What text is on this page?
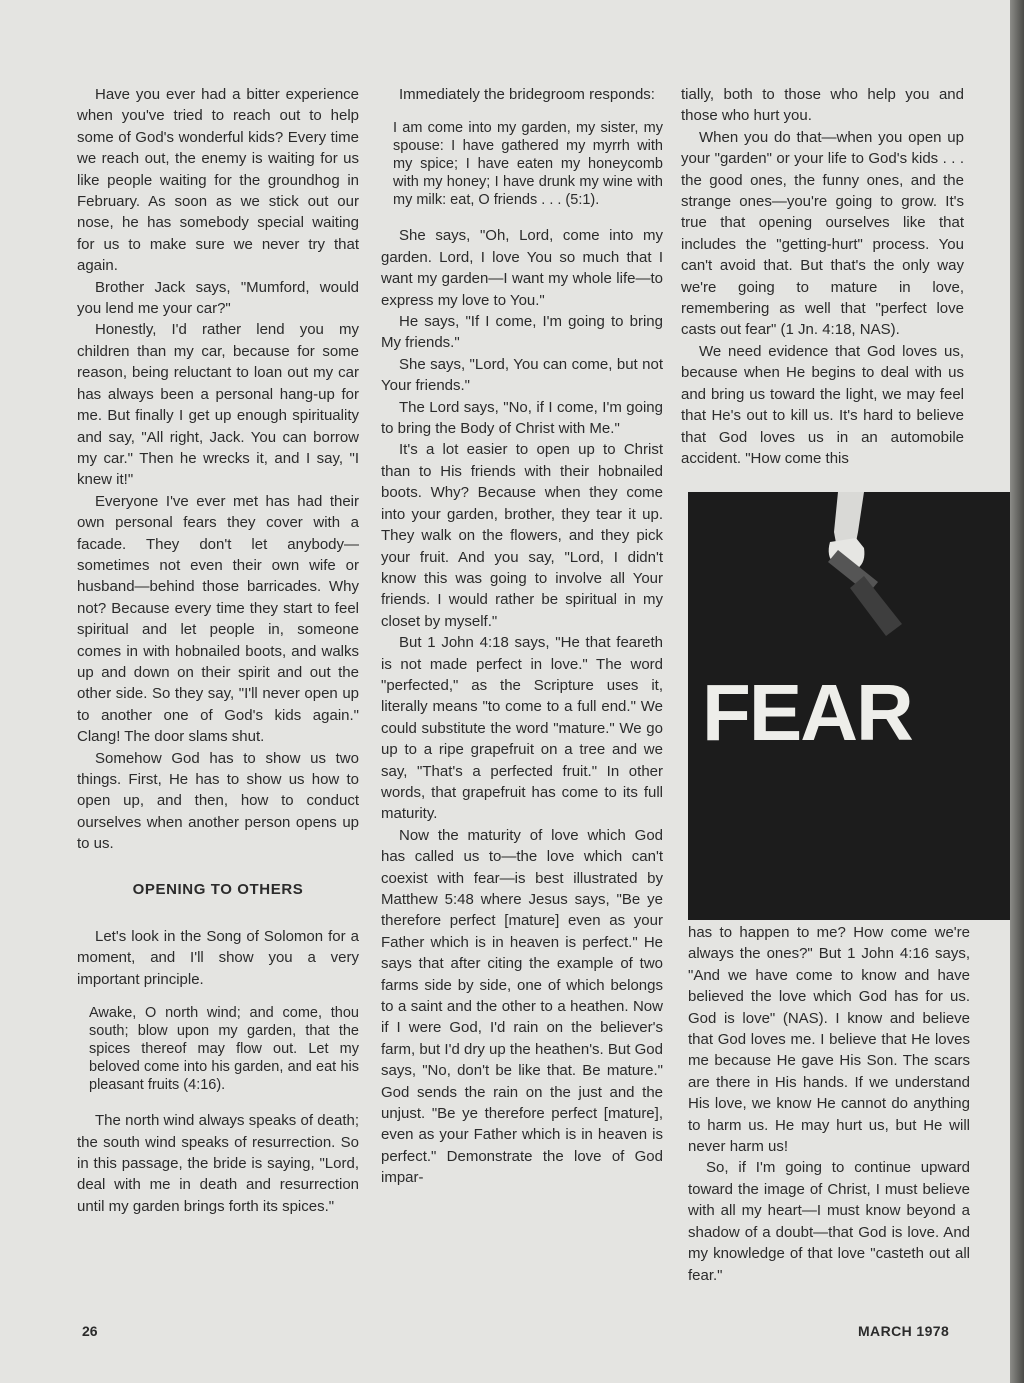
Have you ever had a bitter experience when you've tried to reach out to help some of God's wonderful kids? Every time we reach out, the enemy is waiting for us like people waiting for the groundhog in February. As soon as we stick out our nose, he has somebody special waiting for us to make sure we never try that again.

Brother Jack says, "Mumford, would you lend me your car?"

Honestly, I'd rather lend you my children than my car, because for some reason, being reluctant to loan out my car has always been a personal hang-up for me. But finally I get up enough spirituality and say, "All right, Jack. You can borrow my car." Then he wrecks it, and I say, "I knew it!"

Everyone I've ever met has had their own personal fears they cover with a facade. They don't let anybody—sometimes not even their own wife or husband—behind those barricades. Why not? Because every time they start to feel spiritual and let people in, someone comes in with hobnailed boots, and walks up and down on their spirit and out the other side. So they say, "I'll never open up to another one of God's kids again." Clang! The door slams shut.

Somehow God has to show us two things. First, He has to show us how to open up, and then, how to conduct ourselves when another person opens up to us.

OPENING TO OTHERS

Let's look in the Song of Solomon for a moment, and I'll show you a very important principle.

Awake, O north wind; and come, thou south; blow upon my garden, that the spices thereof may flow out. Let my beloved come into his garden, and eat his pleasant fruits (4:16).

The north wind always speaks of death; the south wind speaks of resurrection. So in this passage, the bride is saying, "Lord, deal with me in death and resurrection until my garden brings forth its spices."

Immediately the bridegroom responds:

I am come into my garden, my sister, my spouse: I have gathered my myrrh with my spice; I have eaten my honeycomb with my honey; I have drunk my wine with my milk: eat, O friends . . . (5:1).

She says, "Oh, Lord, come into my garden. Lord, I love You so much that I want my garden—I want my whole life—to express my love to You."

He says, "If I come, I'm going to bring My friends."

She says, "Lord, You can come, but not Your friends."

The Lord says, "No, if I come, I'm going to bring the Body of Christ with Me."

It's a lot easier to open up to Christ than to His friends with their hobnailed boots. Why? Because when they come into your garden, brother, they tear it up. They walk on the flowers, and they pick your fruit. And you say, "Lord, I didn't know this was going to involve all Your friends. I would rather be spiritual in my closet by myself."

But 1 John 4:18 says, "He that feareth is not made perfect in love." The word "perfected," as the Scripture uses it, literally means "to come to a full end." We could substitute the word "mature." We go up to a ripe grapefruit on a tree and we say, "That's a perfected fruit." In other words, that grapefruit has come to its full maturity.

Now the maturity of love which God has called us to—the love which can't coexist with fear—is best illustrated by Matthew 5:48 where Jesus says, "Be ye therefore perfect [mature] even as your Father which is in heaven is perfect." He says that after citing the example of two farms side by side, one of which belongs to a saint and the other to a heathen. Now if I were God, I'd rain on the believer's farm, but I'd dry up the heathen's. But God says, "No, don't be like that. Be mature." God sends the rain on the just and the unjust. "Be ye therefore perfect [mature], even as your Father which is in heaven is perfect." Demonstrate the love of God impar-

tially, both to those who help you and those who hurt you.

When you do that—when you open up your "garden" or your life to God's kids . . . the good ones, the funny ones, and the strange ones—you're going to grow. It's true that opening ourselves like that includes the "getting-hurt" process. You can't avoid that. But that's the only way we're going to mature in love, remembering as well that "perfect love casts out fear" (1 Jn. 4:18, NAS).

We need evidence that God loves us, because when He begins to deal with us and bring us toward the light, we may feel that He's out to kill us. It's hard to believe that God loves us in an automobile accident. "How come this

FEAR

has to happen to me? How come we're always the ones?" But 1 John 4:16 says, "And we have come to know and have believed the love which God has for us. God is love" (NAS). I know and believe that God loves me. I believe that He loves me because He gave His Son. The scars are there in His hands. If we understand His love, we know He cannot do anything to harm us. He may hurt us, but He will never harm us!

So, if I'm going to continue upward toward the image of Christ, I must believe with all my heart—I must know beyond a shadow of a doubt—that God is love. And my knowledge of that love "casteth out all fear."

26	MARCH 1978
